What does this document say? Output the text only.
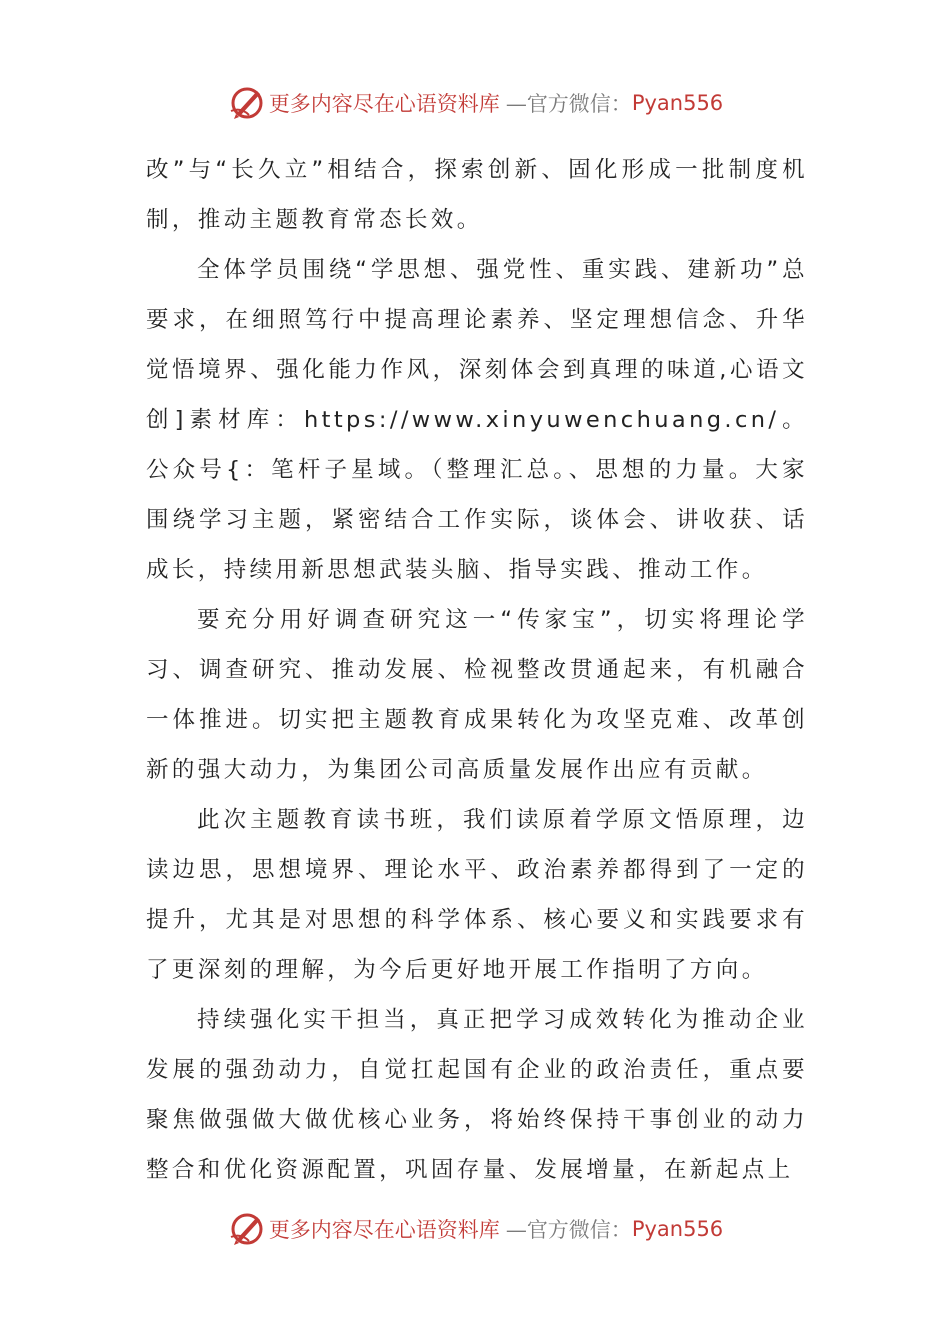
更多内容尽在心语资料库 —官方微信： Pyan556

改”与“长久立”相结合，探索创新、固化形成一批制度机制，推动主题教育常态长效。

全体学员围绕“学思想、强党性、重实践、建新功”总要求，在细照笃行中提高理论素养、坚定理想信念、升华觉悟境界、强化能力作风，深刻体会到真理的味道,心语文创]素材库：https://www.xinyuwenchuang.cn/。公众号{：笔杆子星域。（整理汇总。、思想的力量。大家围绕学习主题，紧密结合工作实际，谈体会、讲收获、话成长，持续用新思想武装头脑、指导实践、推动工作。

要充分用好调查研究这一“传家宝”，切实将理论学习、调查研究、推动发展、检视整改贯通起来，有机融合一体推进。切实把主题教育成果转化为攻坚克难、改革创新的强大动力，为集团公司高质量发展作出应有贡献。

此次主题教育读书班，我们读原着学原文悟原理，边读边思，思想境界、理论水平、政治素养都得到了一定的提升，尤其是对思想的科学体系、核心要义和实践要求有了更深刻的理解，为今后更好地开展工作指明了方向。

持续强化实干担当，真正把学习成效转化为推动企业发展的强劲动力，自觉扛起国有企业的政治责任，重点要聚焦做强做大做优核心业务，将始终保持干事创业的动力整合和优化资源配置，巩固存量、发展增量，在新起点上

更多内容尽在心语资料库 —官方微信： Pyan556
